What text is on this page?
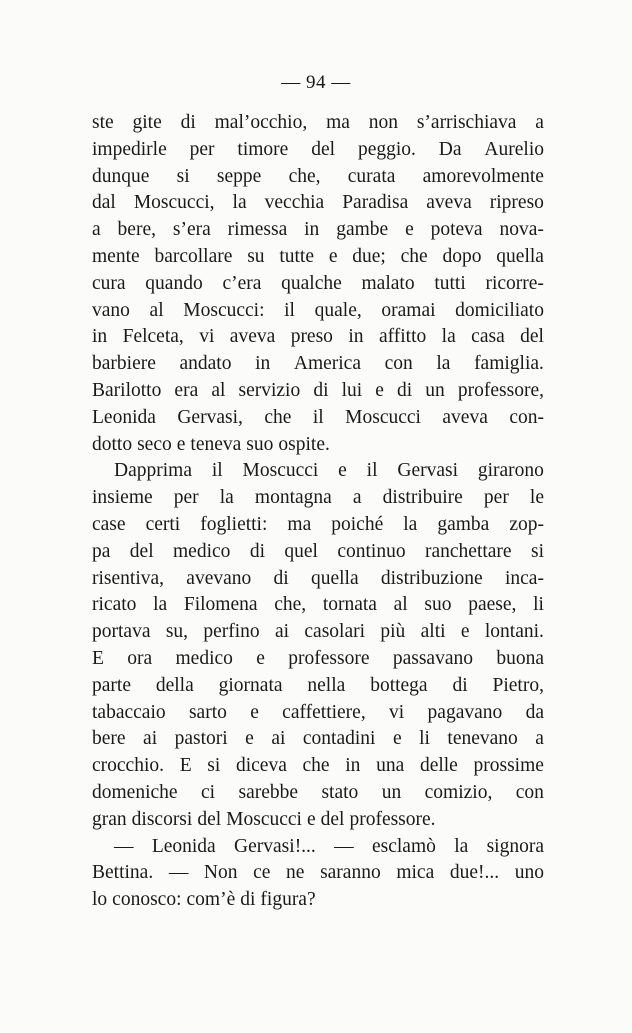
— 94 —
ste gite di mal’occhio, ma non s’arrischiava a
impedirle per timore del peggio. Da Aurelio
dunque si seppe che, curata amorevolmente
dal Moscucci, la vecchia Paradisa aveva ripreso
a bere, s’era rimessa in gambe e poteva nova-
mente barcollare su tutte e due; che dopo quella
cura quando c’era qualche malato tutti ricorre-
vano al Moscucci: il quale, oramai domiciliato
in Felceta, vi aveva preso in affitto la casa del
barbiere andato in America con la famiglia.
Barilotto era al servizio di lui e di un professore,
Leonida Gervasi, che il Moscucci aveva con-
dotto seco e teneva suo ospite.
Dapprima il Moscucci e il Gervasi girarono
insieme per la montagna a distribuire per le
case certi foglietti: ma poiché la gamba zop-
pa del medico di quel continuo ranchettare si
risentiva, avevano di quella distribuzione inca-
ricato la Filomena che, tornata al suo paese, li
portava su, perfino ai casolari più alti e lontani.
E ora medico e professore passavano buona
parte della giornata nella bottega di Pietro,
tabaccaio sarto e caffettiere, vi pagavano da
bere ai pastori e ai contadini e li tenevano a
crocchio. E si diceva che in una delle prossime
domeniche ci sarebbe stato un comizio, con
gran discorsi del Moscucci e del professore.
— Leonida Gervasi!... — esclamò la signora
Bettina. — Non ce ne saranno mica due!... uno
lo conosco: com’è di figura?
